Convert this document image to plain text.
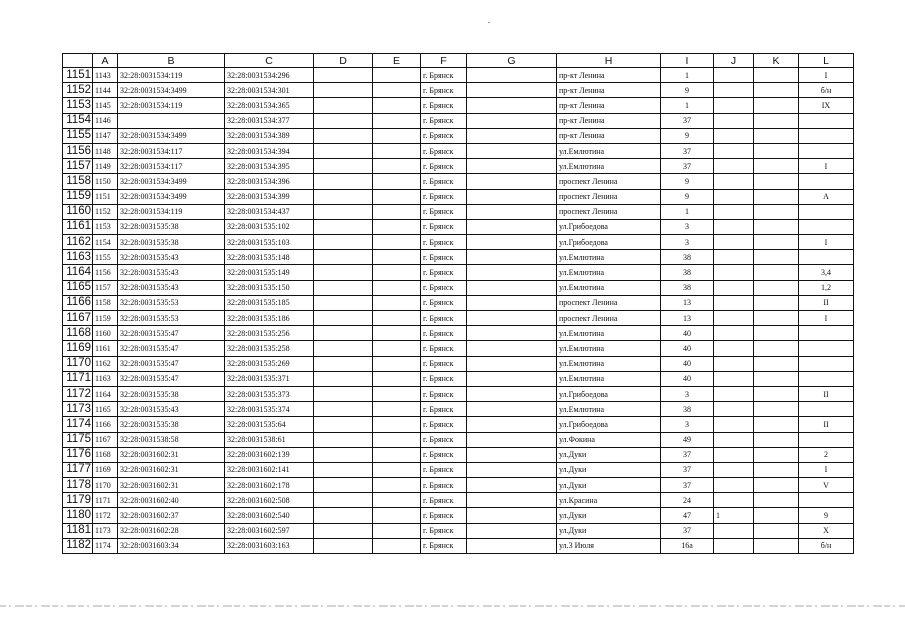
	A	B	C	D	E	F	G	H	I	J	K	L
1151	1143	32:28:0031534:119	32:28:0031534:296			г. Брянск		пр-кт Ленина	1			I
1152	1144	32:28:0031534:3499	32:28:0031534:301			г. Брянск		пр-кт Ленина	9			б/н
1153	1145	32:28:0031534:119	32:28:0031534:365			г. Брянск		пр-кт Ленина	1			IX
1154	1146		32:28:0031534:377			г. Брянск		пр-кт Ленина	37			
1155	1147	32:28:0031534:3499	32:28:0031534:389			г. Брянск		пр-кт Ленина	9			
1156	1148	32:28:0031534:117	32:28:0031534:394			г. Брянск		ул.Емлютина	37			
1157	1149	32:28:0031534:117	32:28:0031534:395			г. Брянск		ул.Емлютина	37			I
1158	1150	32:28:0031534:3499	32:28:0031534:396			г. Брянск		проспект Ленина	9			
1159	1151	32:28:0031534:3499	32:28:0031534:399			г. Брянск		проспект Ленина	9			А
1160	1152	32:28:0031534:119	32:28:0031534:437			г. Брянск		проспект Ленина	1			
1161	1153	32:28:0031535:38	32:28:0031535:102			г. Брянск		ул.Грибоедова	3			
1162	1154	32:28:0031535:38	32:28:0031535:103			г. Брянск		ул.Грибоедова	3			I
1163	1155	32:28:0031535:43	32:28:0031535:148			г. Брянск		ул.Емлютина	38			
1164	1156	32:28:0031535:43	32:28:0031535:149			г. Брянск		ул.Емлютина	38			3,4
1165	1157	32:28:0031535:43	32:28:0031535:150			г. Брянск		ул.Емлютина	38			1,2
1166	1158	32:28:0031535:53	32:28:0031535:185			г. Брянск		проспект Ленина	13			II
1167	1159	32:28:0031535:53	32:28:0031535:186			г. Брянск		проспект Ленина	13			I
1168	1160	32:28:0031535:47	32:28:0031535:256			г. Брянск		ул.Емлютина	40			
1169	1161	32:28:0031535:47	32:28:0031535:258			г. Брянск		ул.Емлютина	40			
1170	1162	32:28:0031535:47	32:28:0031535:269			г. Брянск		ул.Емлютина	40			
1171	1163	32:28:0031535:47	32:28:0031535:371			г. Брянск		ул.Емлютина	40			
1172	1164	32:28:0031535:38	32:28:0031535:373			г. Брянск		ул.Грибоедова	3			II
1173	1165	32:28:0031535:43	32:28:0031535:374			г. Брянск		ул.Емлютина	38			
1174	1166	32:28:0031535:38	32:28:0031535:64			г. Брянск		ул.Грибоедова	3			II
1175	1167	32:28:0031538:58	32:28:0031538:61			г. Брянск		ул.Фокина	49			
1176	1168	32:28:0031602:31	32:28:0031602:139			г. Брянск		ул.Дуки	37			2
1177	1169	32:28:0031602:31	32:28:0031602:141			г. Брянск		ул.Дуки	37			I
1178	1170	32:28:0031602:31	32:28:0031602:178			г. Брянск		ул.Дуки	37			V
1179	1171	32:28:0031602:40	32:28:0031602:508			г. Брянск		ул.Красина	24			
1180	1172	32:28:0031602:37	32:28:0031602:540			г. Брянск		ул.Дуки	47	1		9
1181	1173	32:28:0031602:28	32:28:0031602:597			г. Брянск		ул.Дуки	37			X
1182	1174	32:28:0031603:34	32:28:0031603:163			г. Брянск		ул.3 Июля	16а			б/н
